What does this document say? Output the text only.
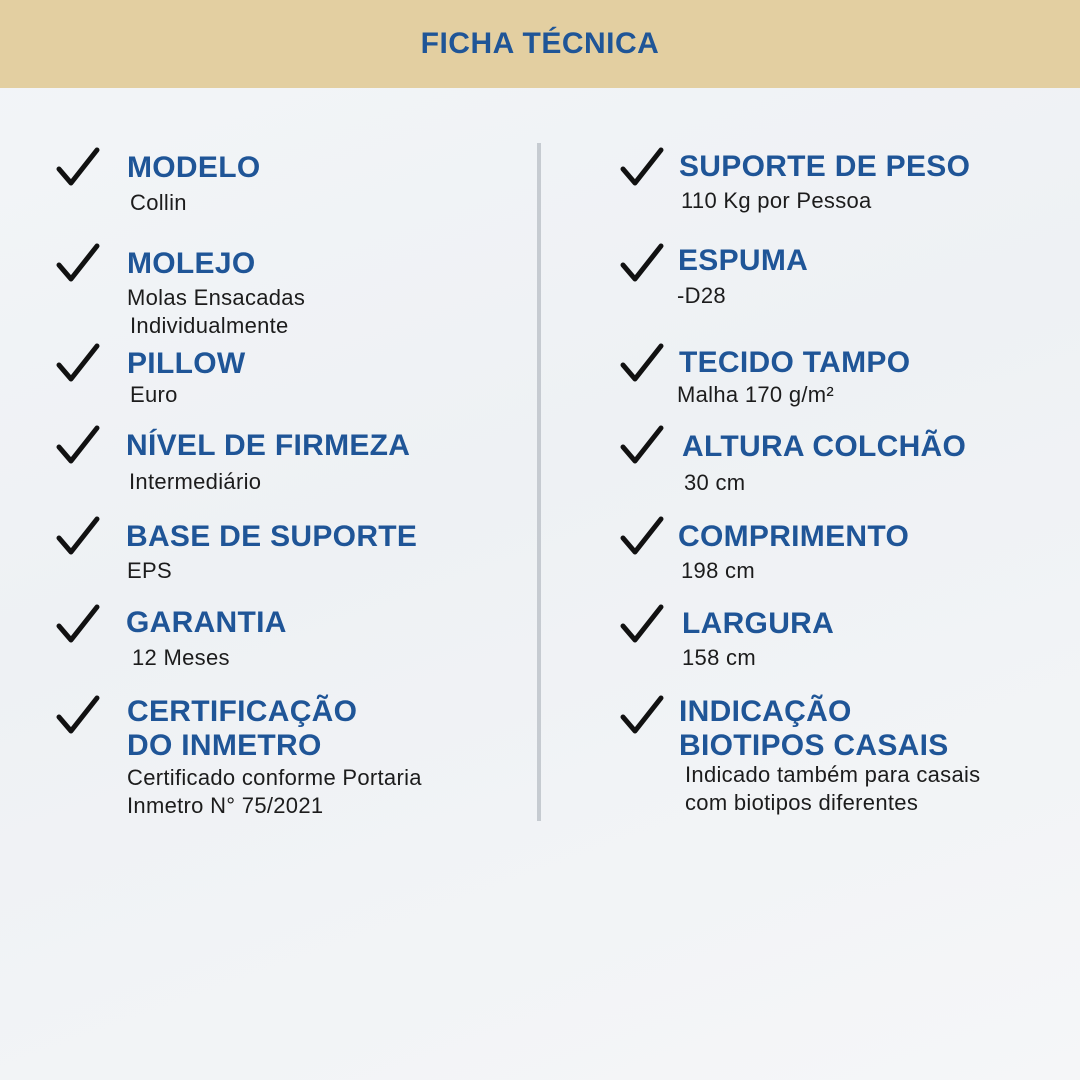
FICHA TÉCNICA
MODELO
Collin
MOLEJO
Molas Ensacadas
Individualmente
PILLOW
Euro
NÍVEL DE FIRMEZA
Intermediário
BASE DE SUPORTE
EPS
GARANTIA
12 Meses
CERTIFICAÇÃO
DO INMETRO
Certificado conforme Portaria
Inmetro N° 75/2021
SUPORTE DE PESO
110 Kg por Pessoa
ESPUMA
-D28
TECIDO TAMPO
Malha 170 g/m²
ALTURA COLCHÃO
30 cm
COMPRIMENTO
198 cm
LARGURA
158 cm
INDICAÇÃO
BIOTIPOS CASAIS
Indicado também para casais
com biotipos diferentes
